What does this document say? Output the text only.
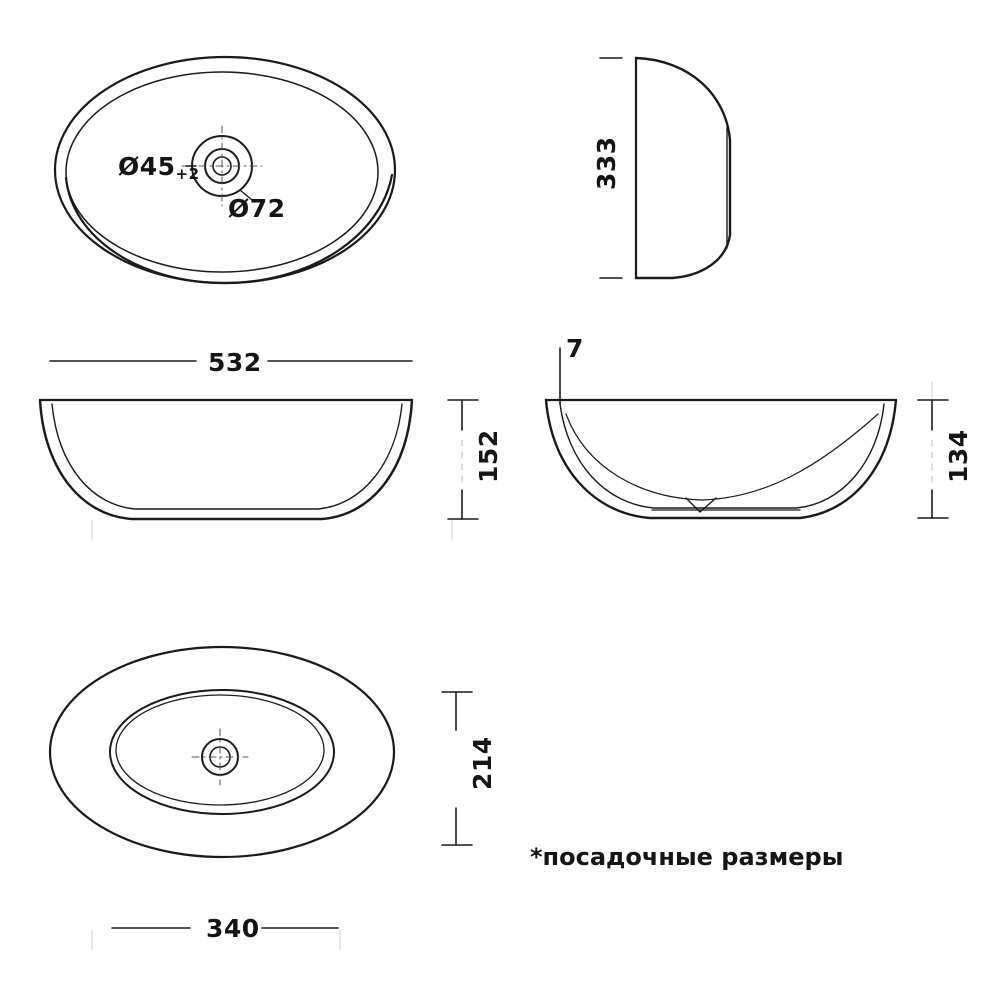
Ø45+2
Ø72
333
532
152
7
134
214
340
*посадочные размеры
